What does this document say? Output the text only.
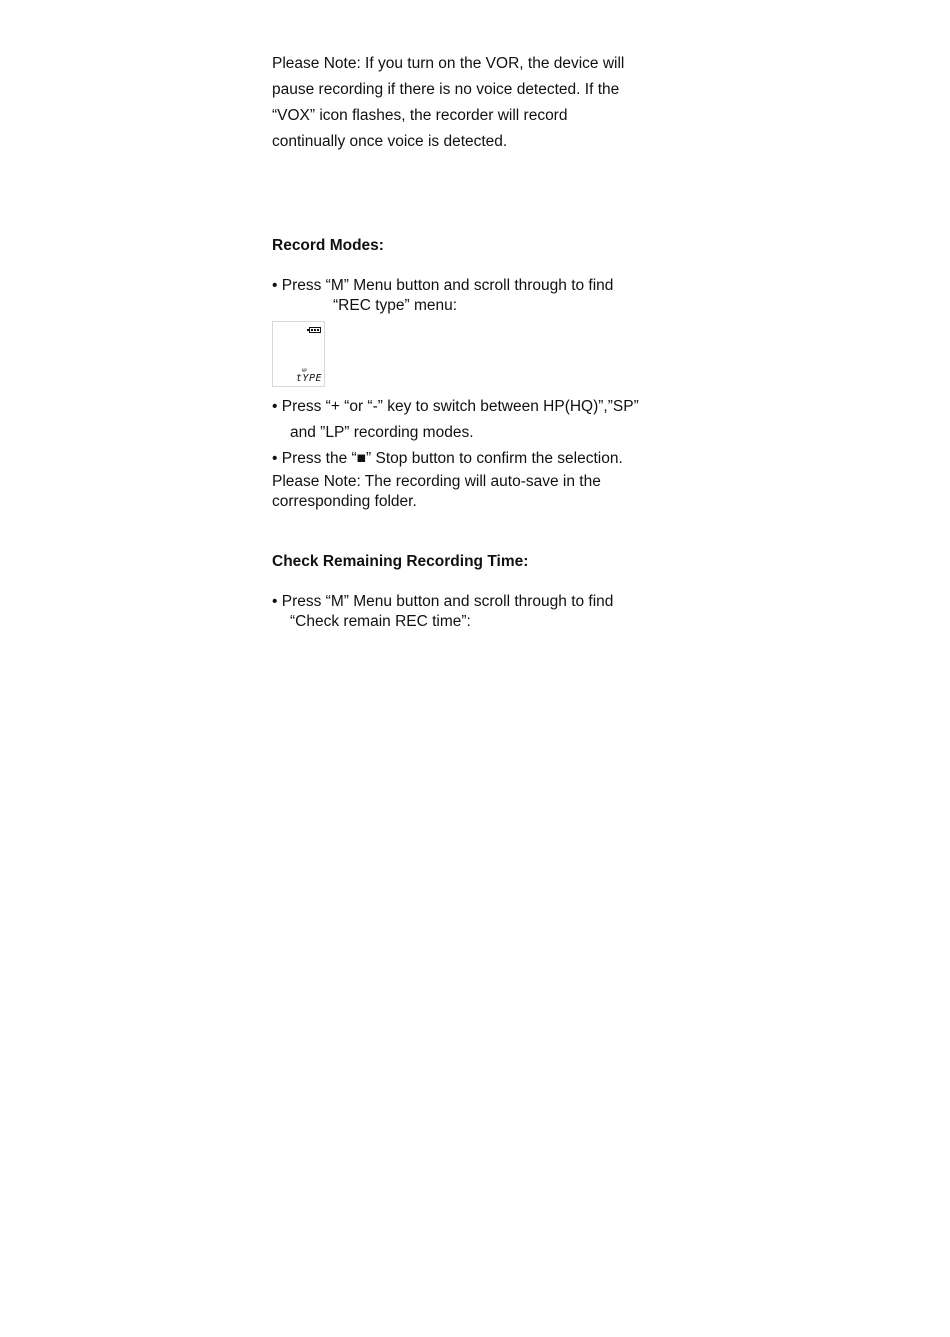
Please Note: If you turn on the VOR, the device will
pause recording if there is no voice detected. If the
“VOX” icon flashes, the recorder will record
continually once voice is detected.
Record Modes:
• Press “M” Menu button and scroll through to find
“REC type” menu:
HP
tYPE
• Press “+ “or “-” key to switch between HP(HQ)”,”SP”
and ”LP” recording modes.
• Press the “■” Stop button to confirm the selection.
Please Note: The recording will auto-save in the
corresponding folder.
Check Remaining Recording Time:
• Press “M” Menu button and scroll through to find
“Check remain REC time”:
